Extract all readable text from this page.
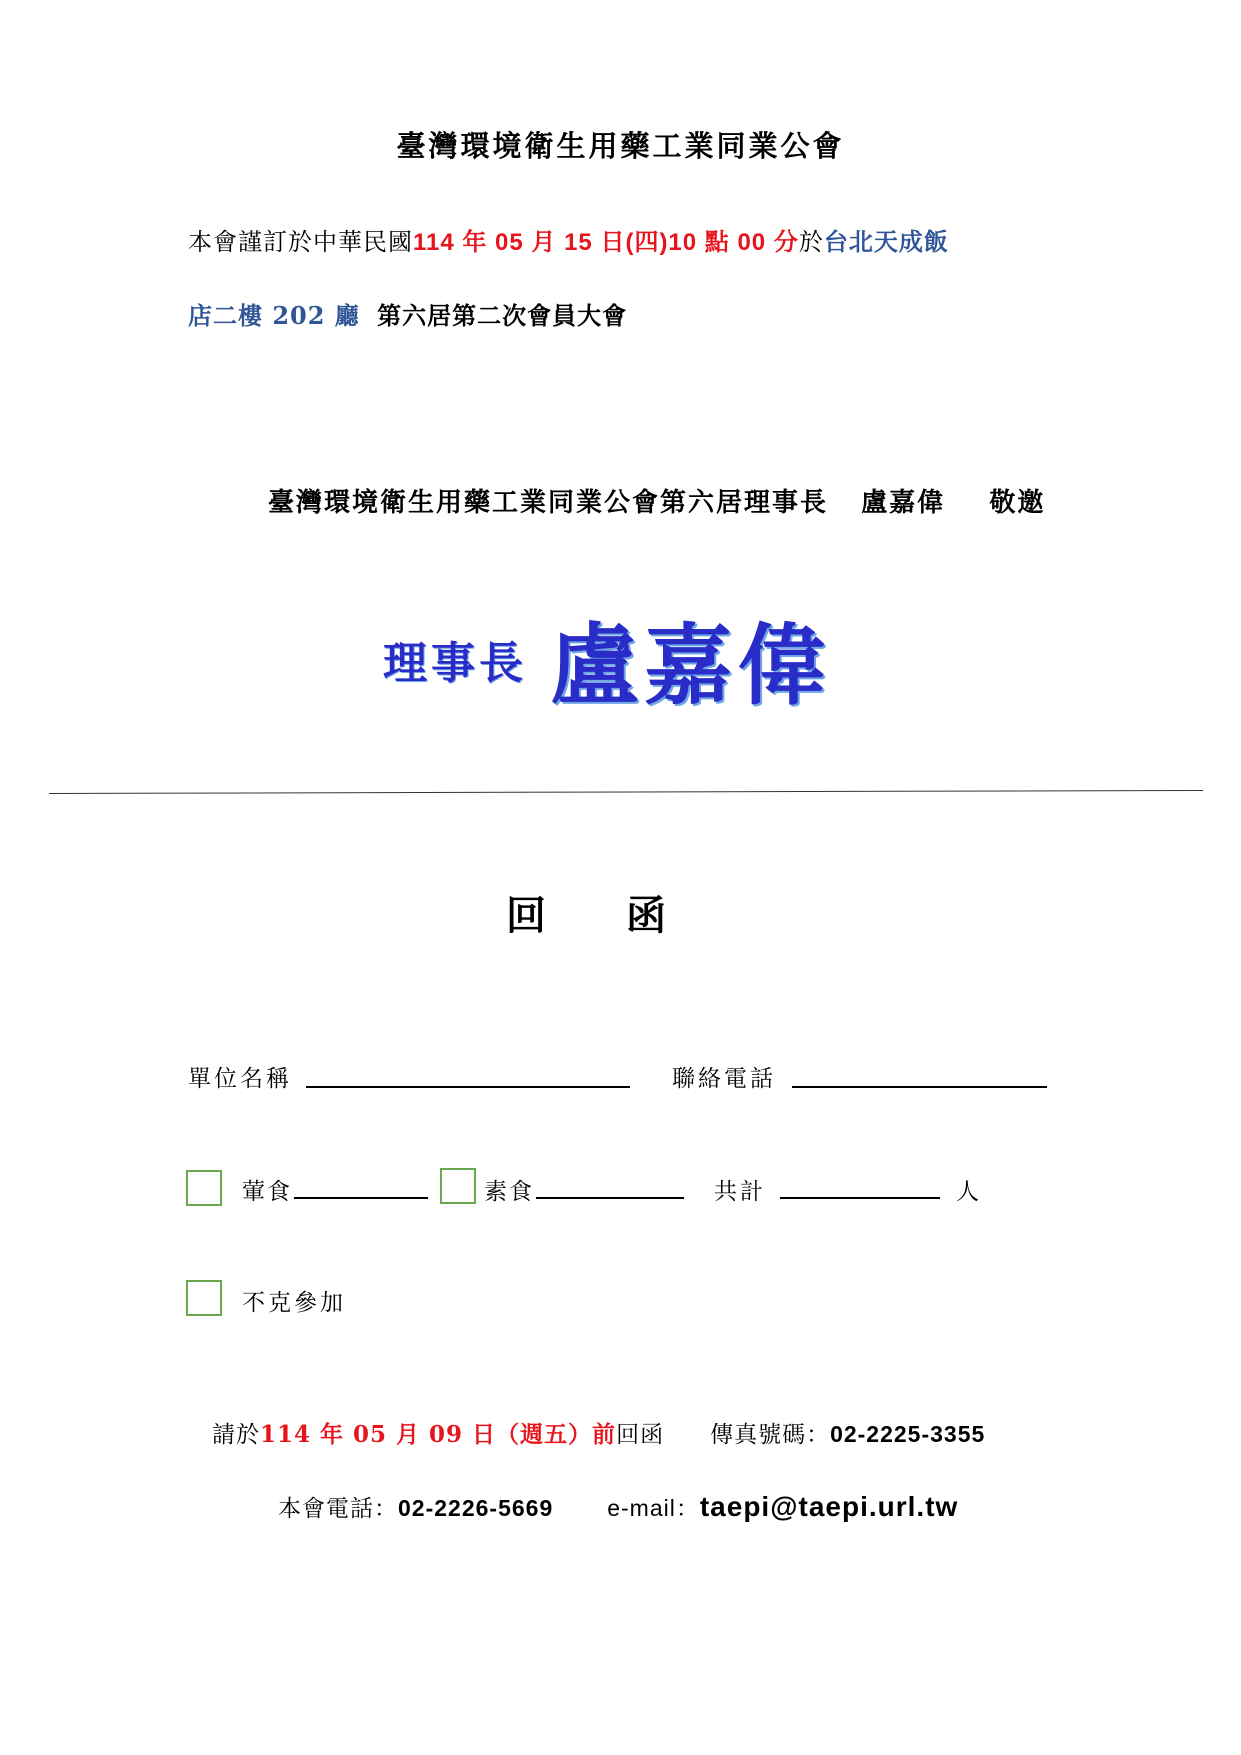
臺灣環境衛生用藥工業同業公會
本會謹訂於中華民國114 年 05 月 15 日(四)10 點 00 分於台北天成飯
店二樓 202 廳 第六居第二次會員大會
臺灣環境衛生用藥工業同業公會第六居理事長 盧嘉偉 敬邀
理事長 盧嘉偉
回 函
單位名稱	聯絡電話
葷食	素食	共計	人
不克參加
請於114 年 05 月 09 日（週五）前回函 傳真號碼：02-2225-3355
本會電話：02-2226-5669 e-mail：taepi@taepi.url.tw
